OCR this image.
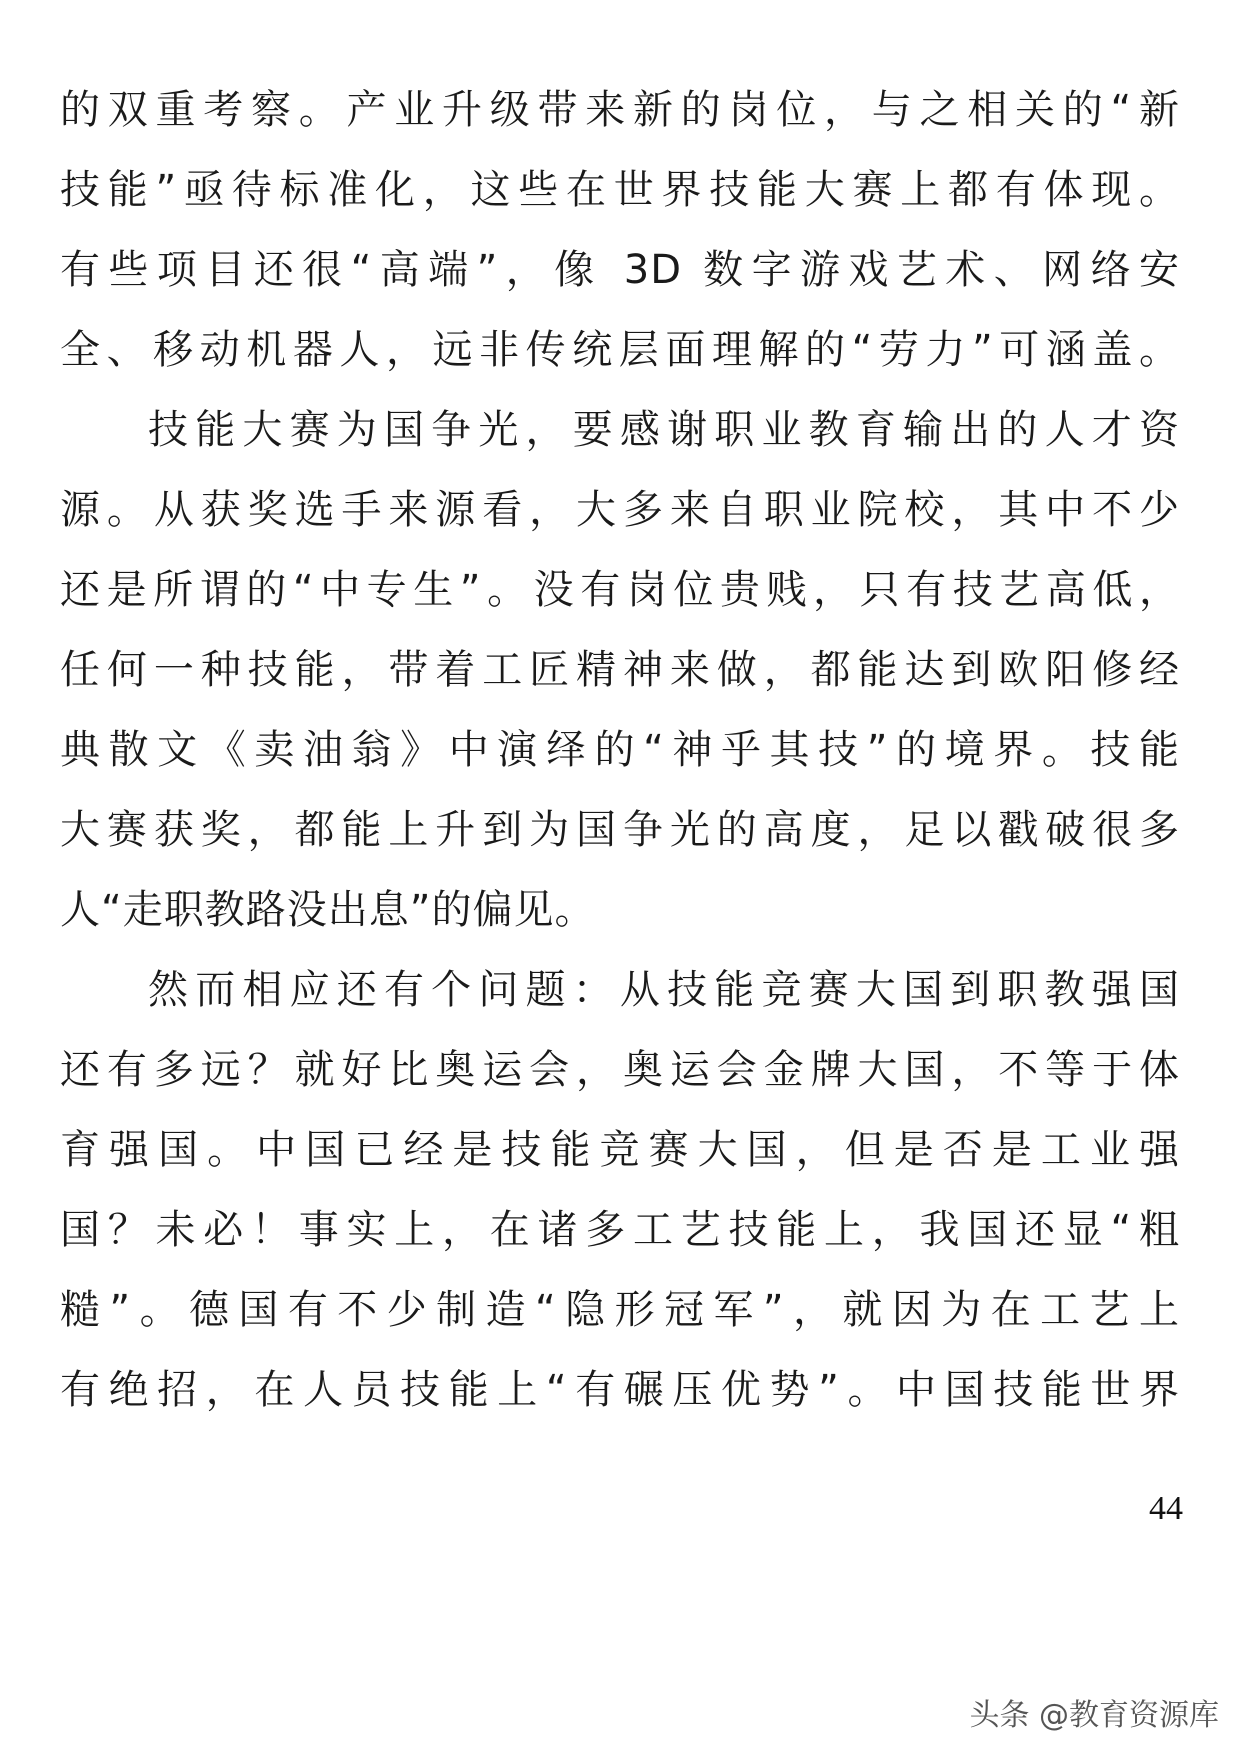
的双重考察。产业升级带来新的岗位，与之相关的“新
技能”亟待标准化，这些在世界技能大赛上都有体现。
有些项目还很“高端”，像 3D 数字游戏艺术、网络安
全、移动机器人，远非传统层面理解的“劳力”可涵盖。
技能大赛为国争光，要感谢职业教育输出的人才资
源。从获奖选手来源看，大多来自职业院校，其中不少
还是所谓的“中专生”。没有岗位贵贱，只有技艺高低，
任何一种技能，带着工匠精神来做，都能达到欧阳修经
典散文《卖油翁》中演绎的“神乎其技”的境界。技能
大赛获奖，都能上升到为国争光的高度，足以戳破很多
人“走职教路没出息”的偏见。
然而相应还有个问题：从技能竞赛大国到职教强国
还有多远？就好比奥运会，奥运会金牌大国，不等于体
育强国。中国已经是技能竞赛大国，但是否是工业强
国？未必！事实上，在诸多工艺技能上，我国还显“粗
糙”。德国有不少制造“隐形冠军”，就因为在工艺上
有绝招，在人员技能上“有碾压优势”。中国技能世界
44
头条 @教育资源库
